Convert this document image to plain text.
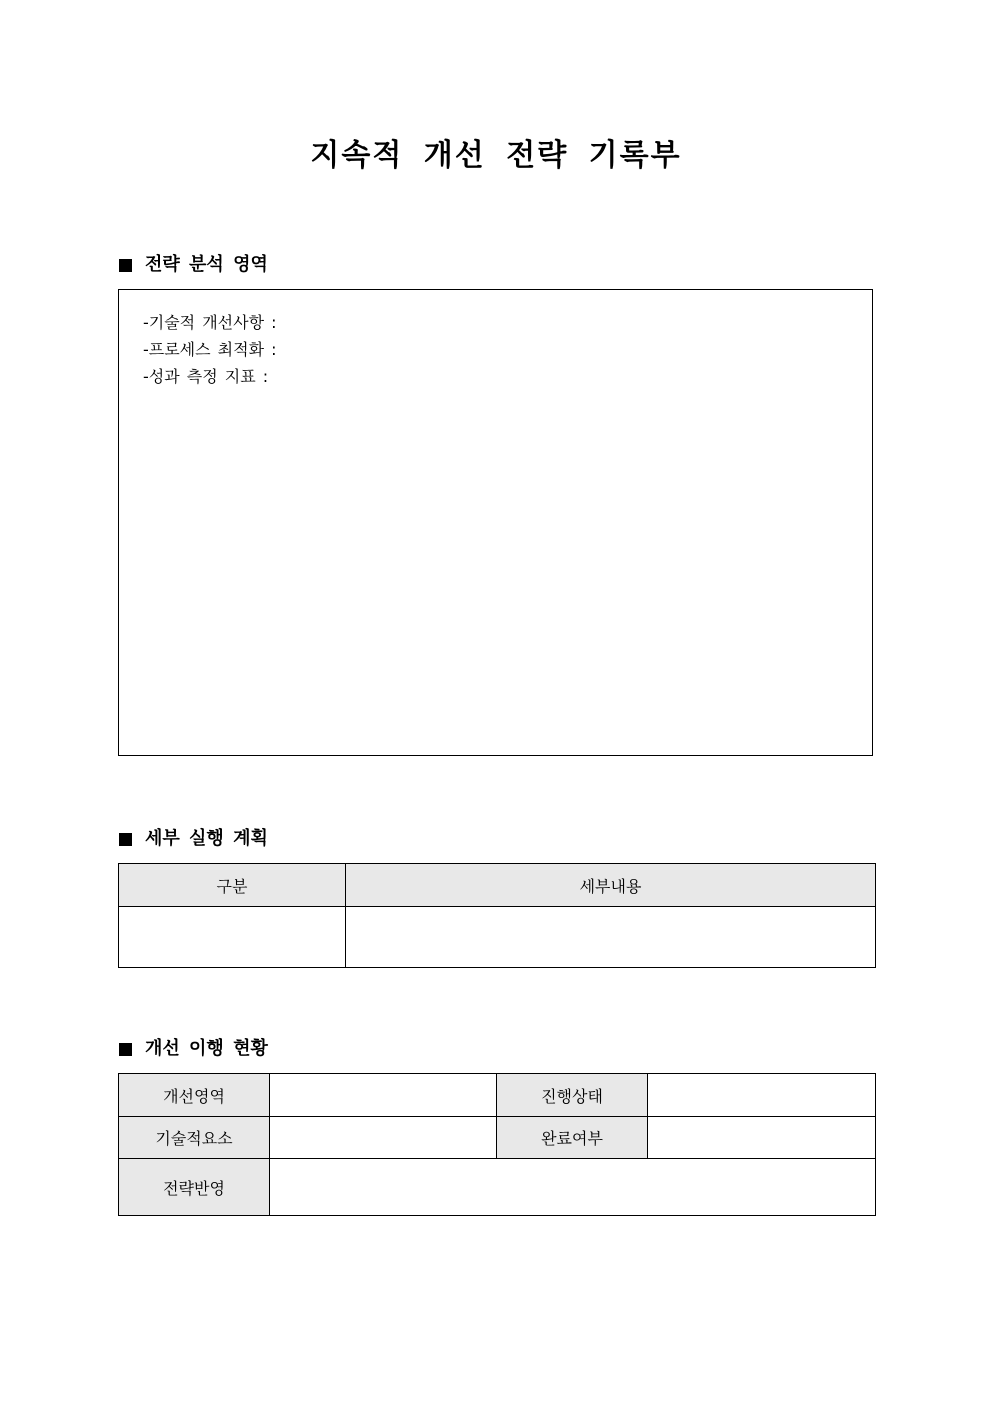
지속적 개선 전략 기록부
전략 분석 영역
-기술적 개선사항 :
-프로세스 최적화 :
-성과 측정 지표 :
세부 실행 계획
구분	세부내용

개선 이행 현황
개선영역		진행상태	
기술적요소		완료여부	
전략반영			
